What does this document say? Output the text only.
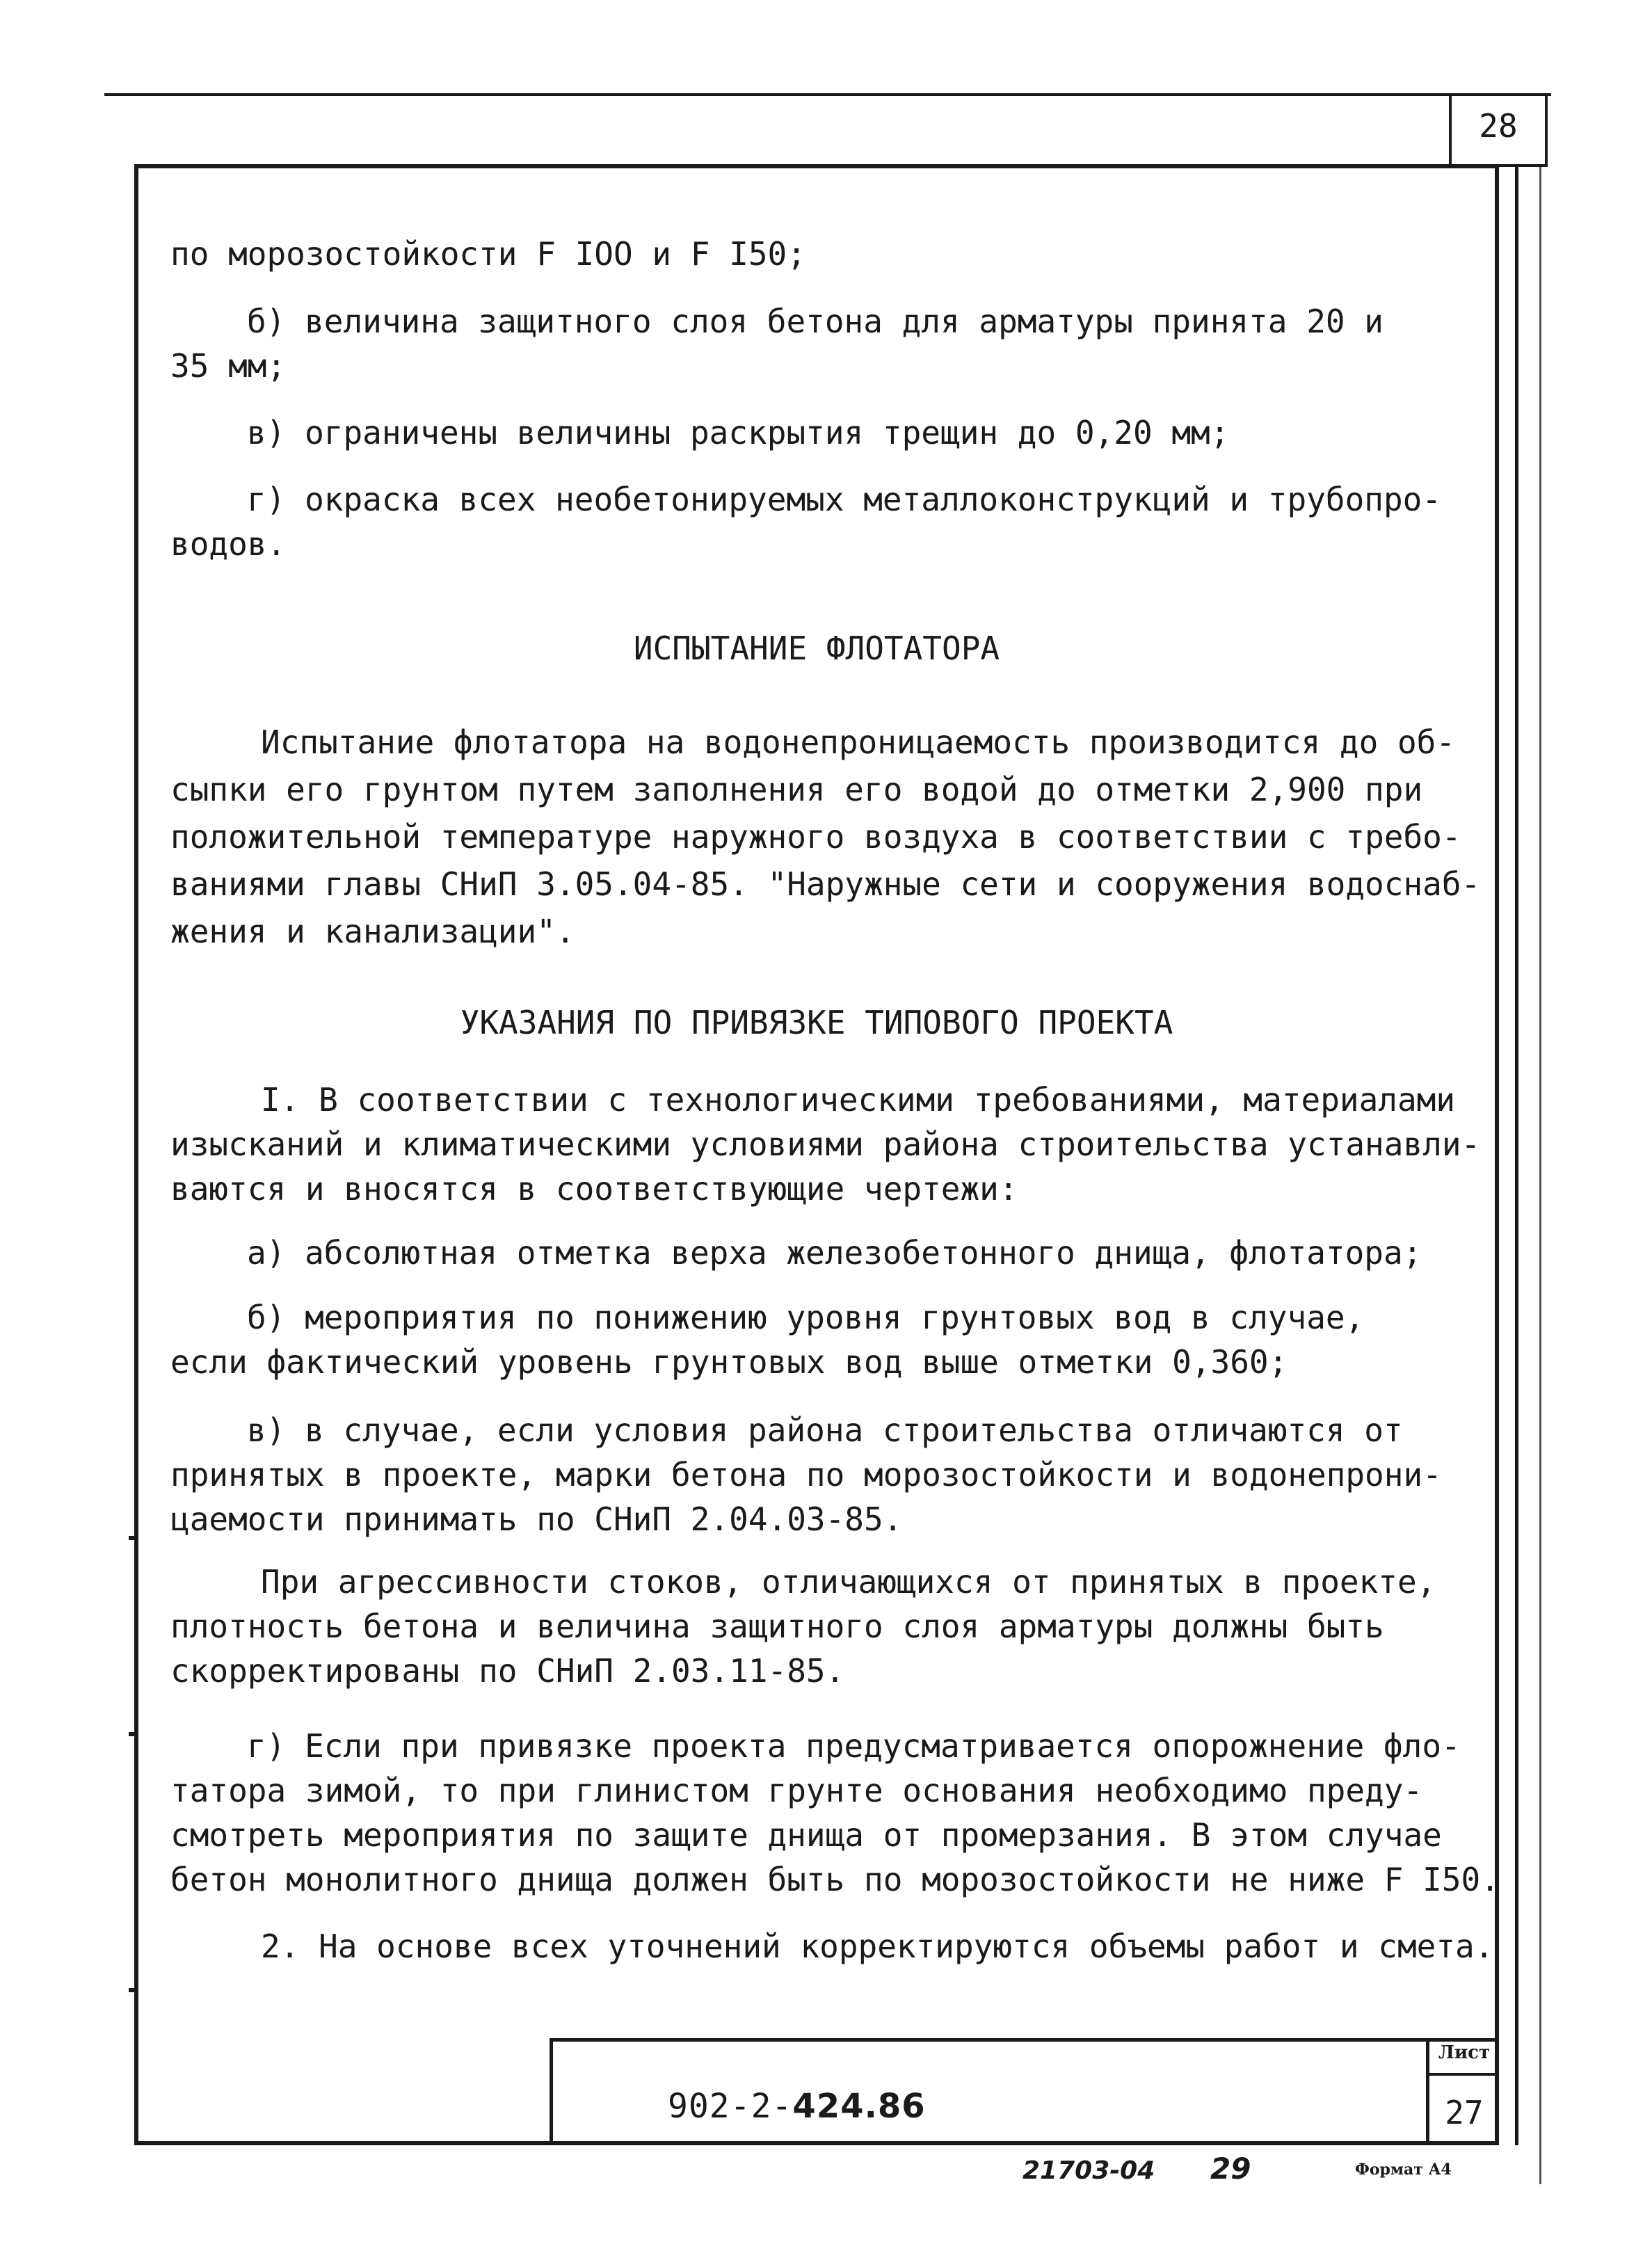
28
по морозостойкости F IOO и F I50;
б) величина защитного слоя бетона для арматуры принята 20 и
35 мм;
в) ограничены величины раскрытия трещин до 0,20 мм;
г) окраска всех необетонируемых металлоконструкций и трубопро-
водов.
ИСПЫТАНИЕ ФЛОТАТОРА
Испытание флотатора на водонепроницаемость производится до об-
сыпки его грунтом путем заполнения его водой до отметки 2,900 при
положительной температуре наружного воздуха в соответствии с требо-
ваниями главы СНиП 3.05.04-85. "Наружные сети и сооружения водоснаб-
жения и канализации".
УКАЗАНИЯ ПО ПРИВЯЗКЕ ТИПОВОГО ПРОЕКТА
I. В соответствии с технологическими требованиями, материалами
изысканий и климатическими условиями района строительства устанавли-
ваются и вносятся в соответствующие чертежи:
а) абсолютная отметка верха железобетонного днища, флотатора;
б) мероприятия по понижению уровня грунтовых вод в случае,
если фактический уровень грунтовых вод выше отметки 0,360;
в) в случае, если условия района строительства отличаются от
принятых в проекте, марки бетона по морозостойкости и водонепрони-
цаемости принимать по СНиП 2.04.03-85.
При агрессивности стоков, отличающихся от принятых в проекте,
плотность бетона и величина защитного слоя арматуры должны быть
скорректированы по СНиП 2.03.11-85.
г) Если при привязке проекта предусматривается опорожнение фло-
татора зимой, то при глинистом грунте основания необходимо преду-
смотреть мероприятия по защите днища от промерзания. В этом случае
бетон монолитного днища должен быть по морозостойкости не ниже F I50.
2. На основе всех уточнений корректируются объемы работ и смета.
Лист
27
902-2-424.86
21703-04 29	Формат А4
